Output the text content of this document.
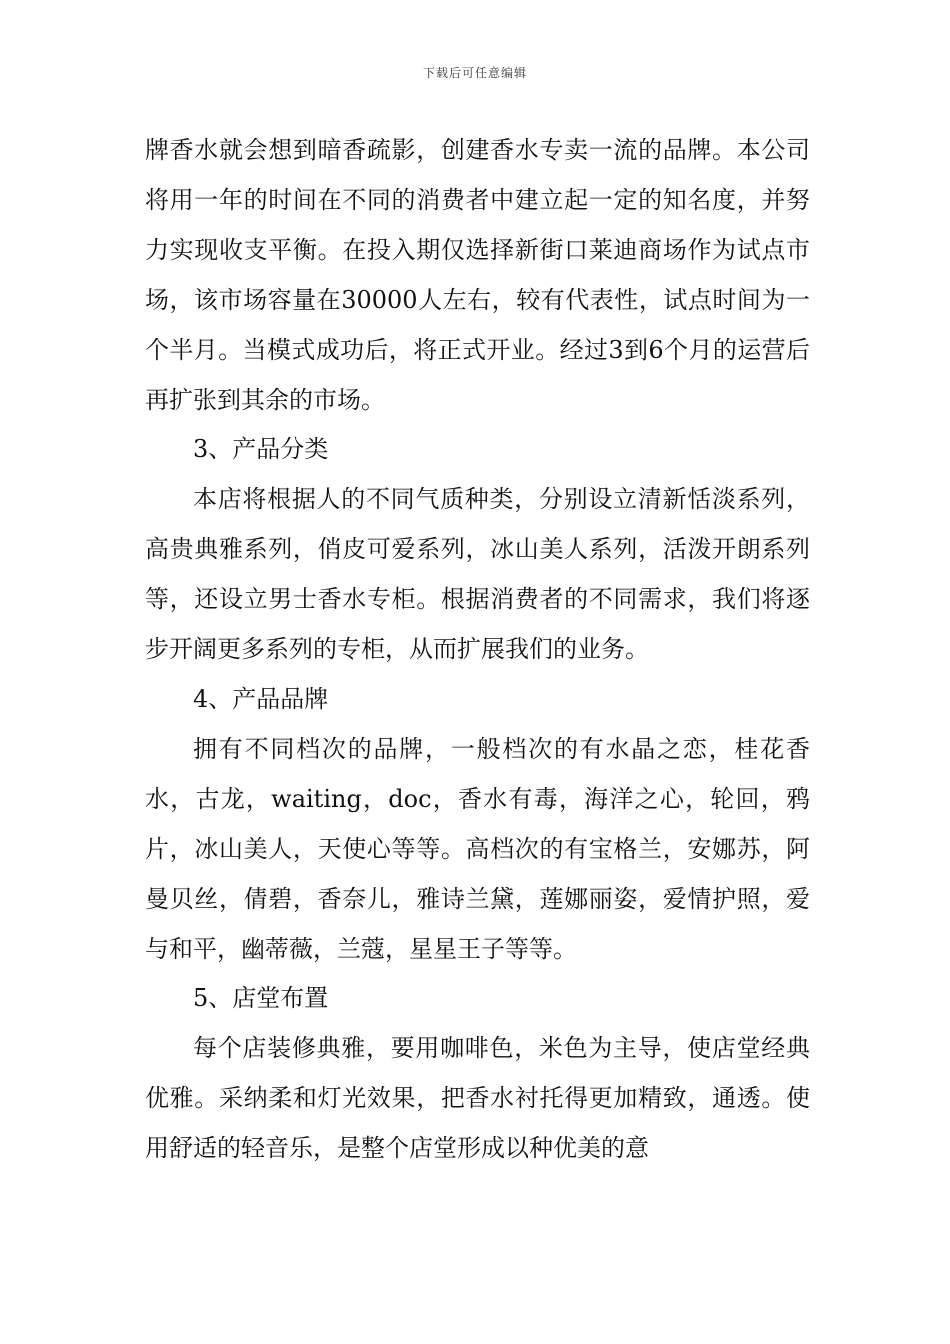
下载后可任意编辑

牌香水就会想到暗香疏影，创建香水专卖一流的品牌。本公司将用一年的时间在不同的消费者中建立起一定的知名度，并努力实现收支平衡。在投入期仅选择新街口莱迪商场作为试点市场，该市场容量在30000人左右，较有代表性，试点时间为一个半月。当模式成功后，将正式开业。经过3到6个月的运营后再扩张到其余的市场。

3、产品分类

本店将根据人的不同气质种类，分别设立清新恬淡系列，高贵典雅系列，俏皮可爱系列，冰山美人系列，活泼开朗系列等，还设立男士香水专柜。根据消费者的不同需求，我们将逐步开阔更多系列的专柜，从而扩展我们的业务。

4、产品品牌

拥有不同档次的品牌，一般档次的有水晶之恋，桂花香水，古龙，waiting，doc，香水有毒，海洋之心，轮回，鸦片，冰山美人，天使心等等。高档次的有宝格兰，安娜苏，阿曼贝丝，倩碧，香奈儿，雅诗兰黛，莲娜丽姿，爱情护照，爱与和平，幽蒂薇，兰蔻，星星王子等等。

5、店堂布置

每个店装修典雅，要用咖啡色，米色为主导，使店堂经典优雅。采纳柔和灯光效果，把香水衬托得更加精致，通透。使用舒适的轻音乐，是整个店堂形成以种优美的意
